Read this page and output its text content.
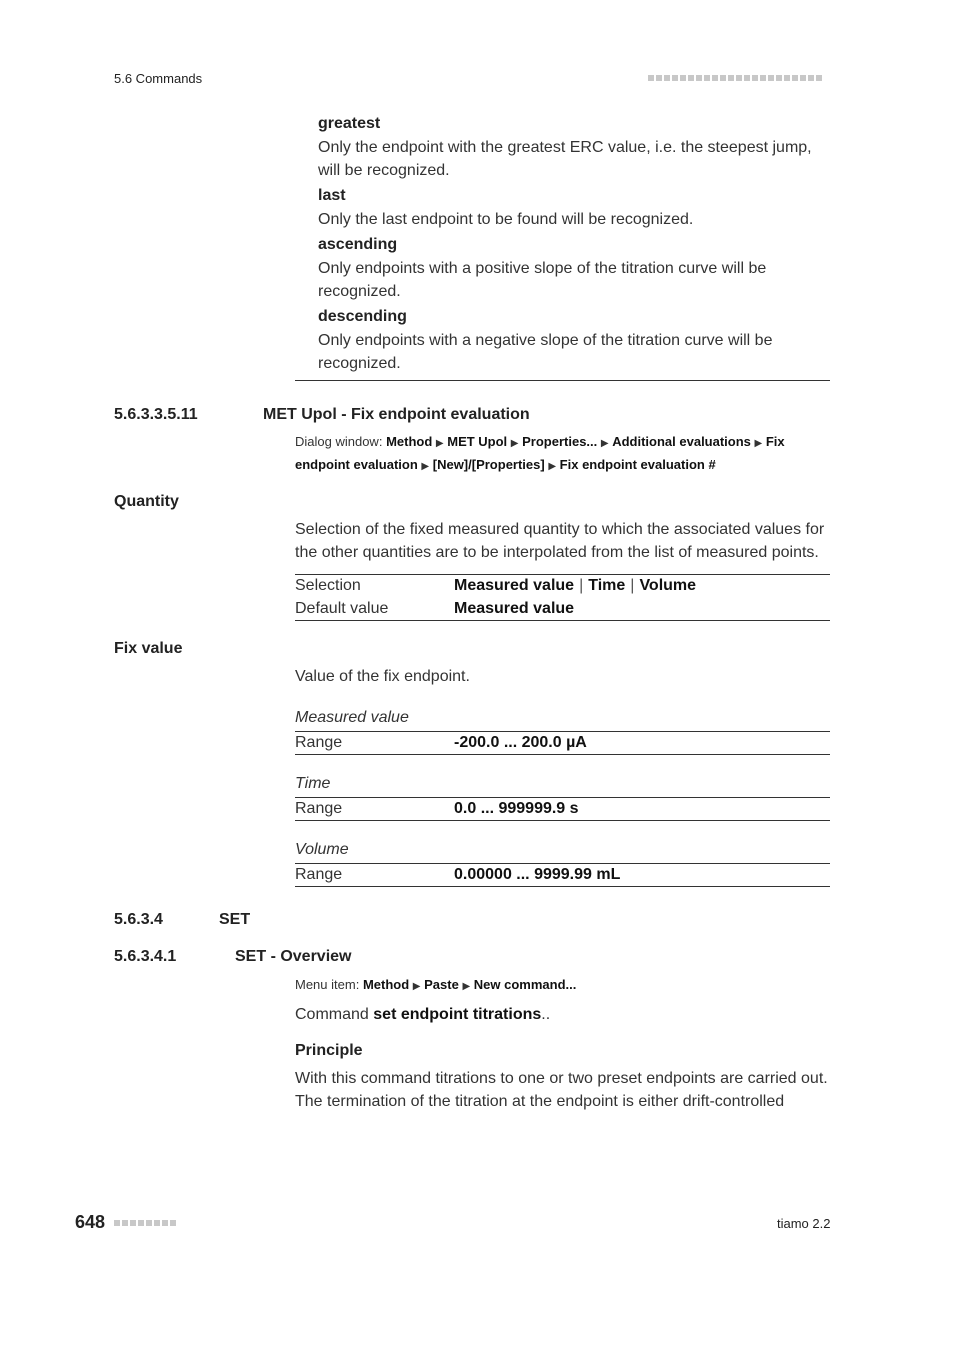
5.6 Commands
greatest
Only the endpoint with the greatest ERC value, i.e. the steepest jump, will be recognized.
last
Only the last endpoint to be found will be recognized.
ascending
Only endpoints with a positive slope of the titration curve will be recognized.
descending
Only endpoints with a negative slope of the titration curve will be recognized.
5.6.3.3.5.11	MET Upol - Fix endpoint evaluation
Dialog window: Method ▶ MET Upol ▶ Properties... ▶ Additional evaluations ▶ Fix endpoint evaluation ▶ [New]/[Properties] ▶ Fix endpoint evaluation #
Quantity
Selection of the fixed measured quantity to which the associated values for the other quantities are to be interpolated from the list of measured points.
Selection	Measured value | Time | Volume
Default value	Measured value
Fix value
Value of the fix endpoint.
Measured value
Range	-200.0 ... 200.0 µA
Time
Range	0.0 ... 999999.9 s
Volume
Range	0.00000 ... 9999.99 mL
5.6.3.4	SET
5.6.3.4.1	SET - Overview
Menu item: Method ▶ Paste ▶ New command...
Command set endpoint titrations..
Principle
With this command titrations to one or two preset endpoints are carried out. The termination of the titration at the endpoint is either drift-controlled
648	tiamo 2.2
